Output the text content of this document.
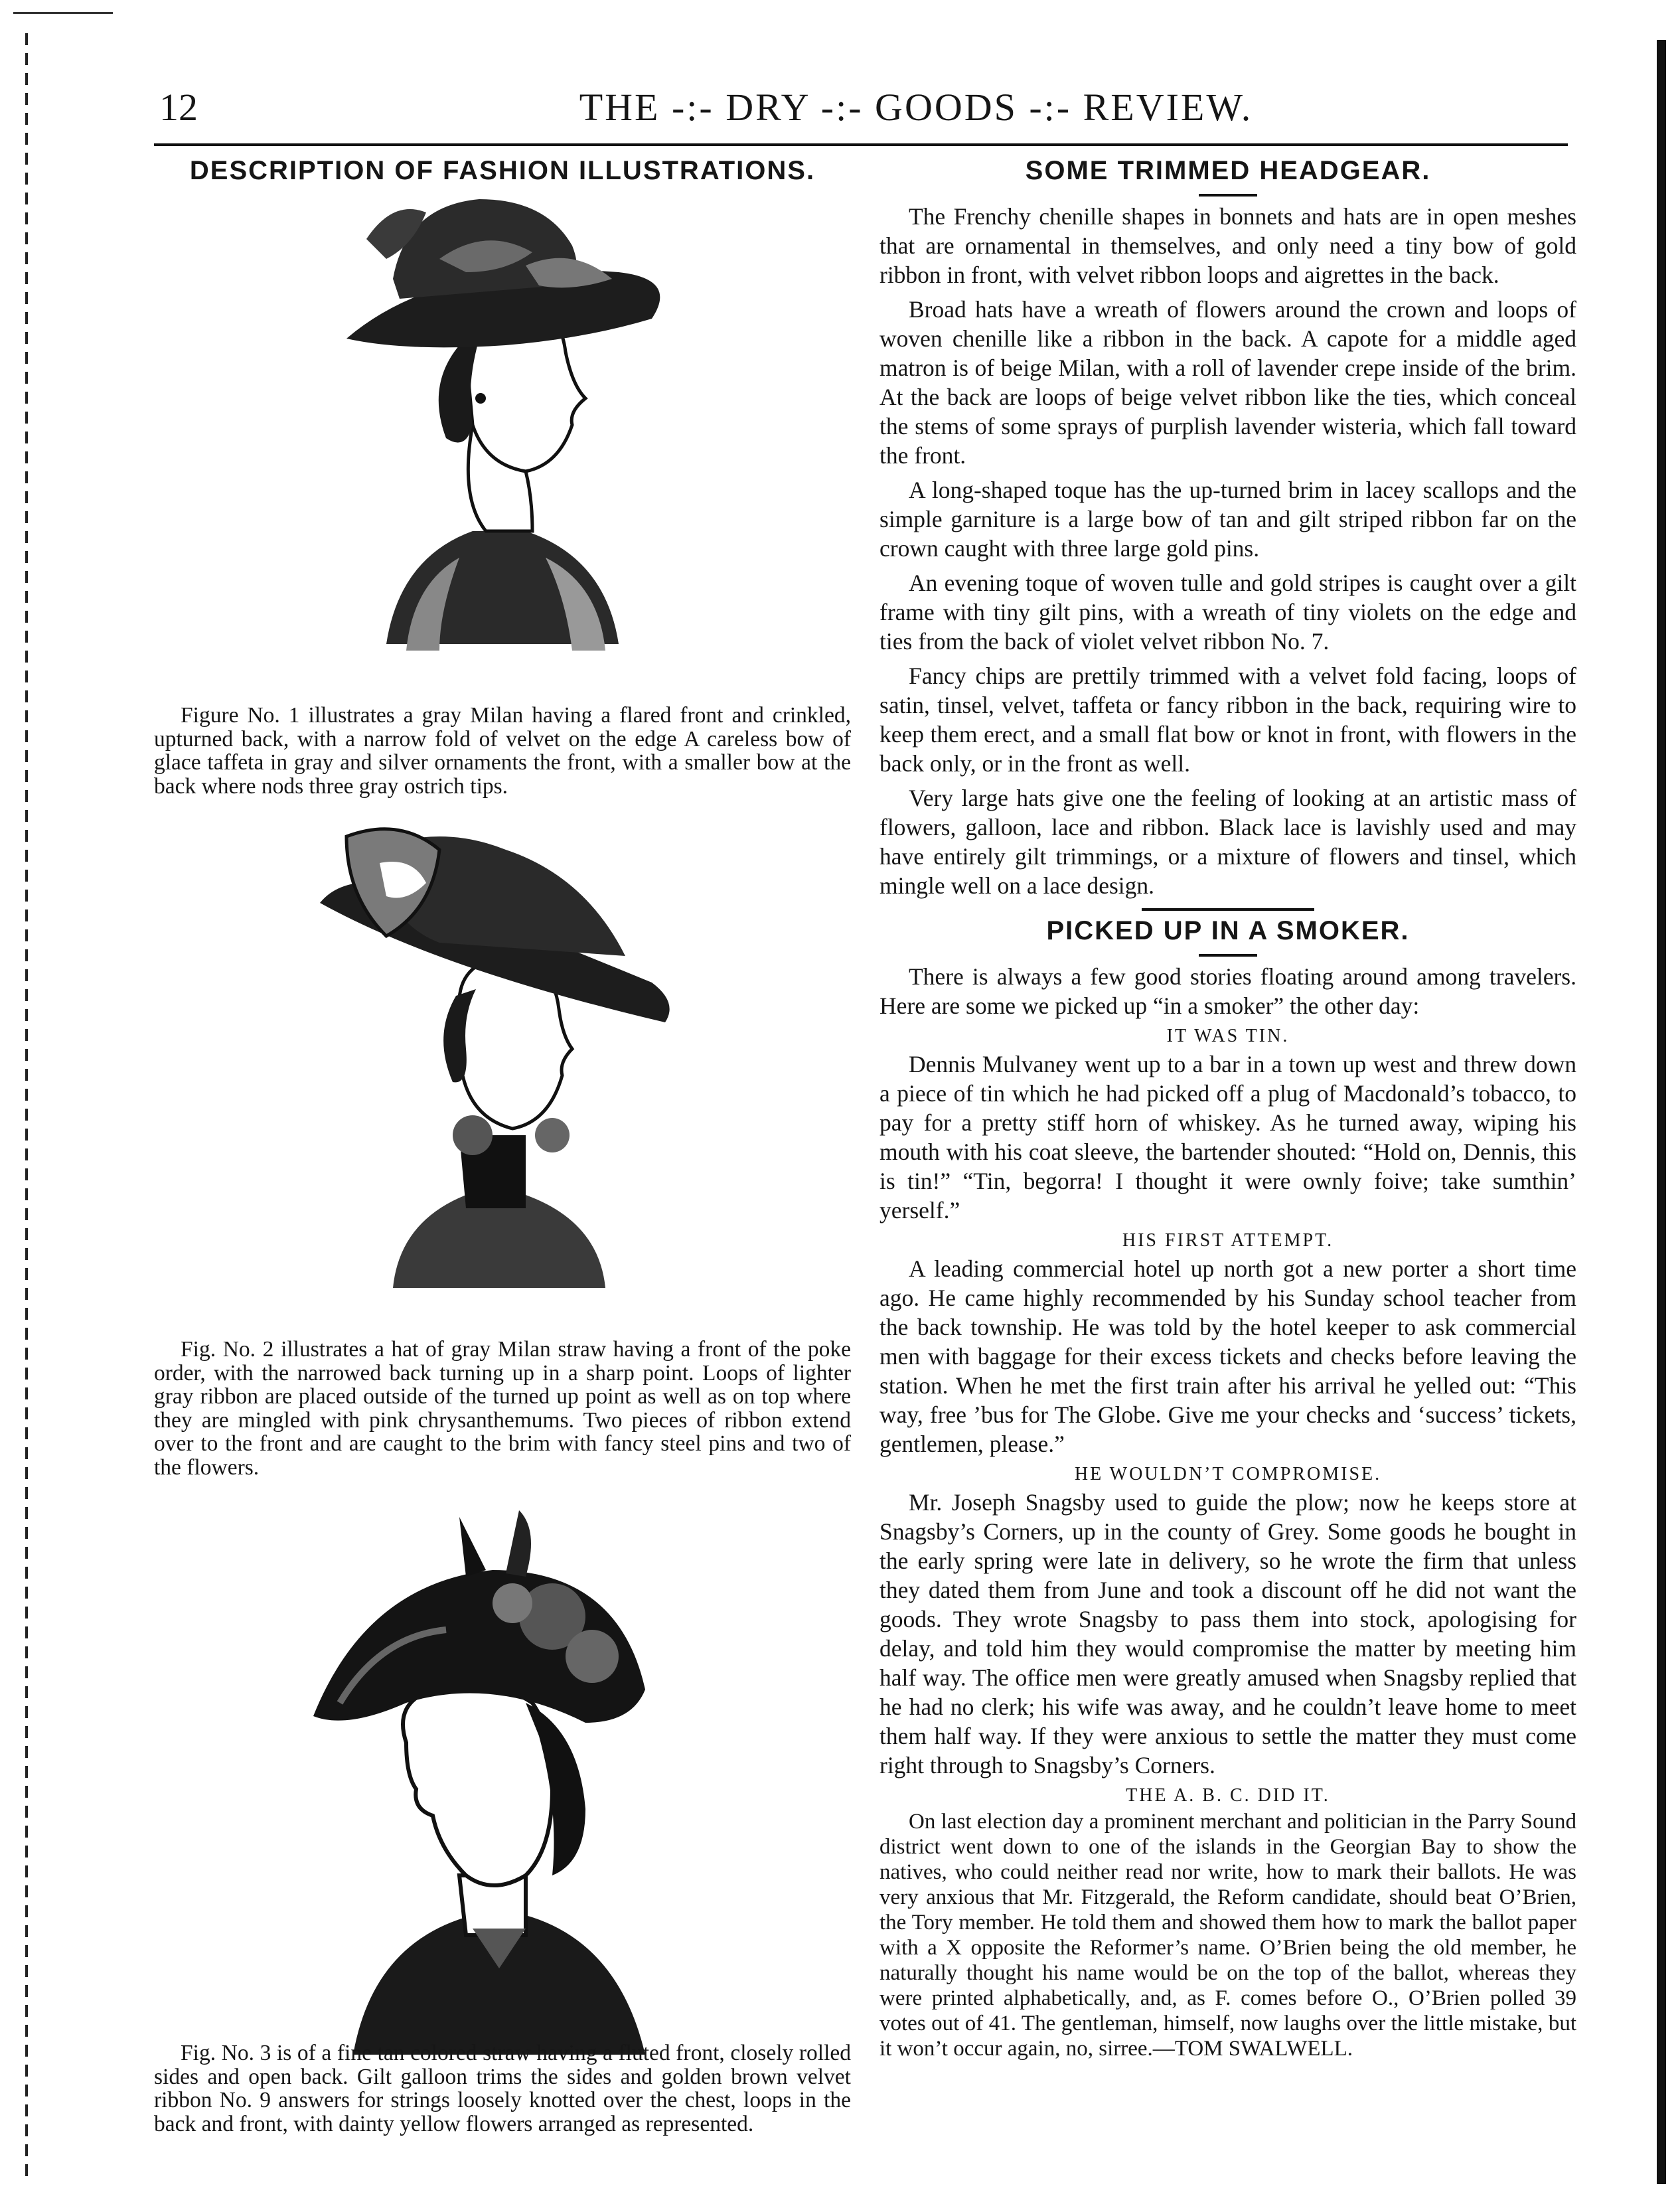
12	THE -:- DRY -:- GOODS -:- REVIEW.
DESCRIPTION OF FASHION ILLUSTRATIONS.

Figure No. 1 illustrates a gray Milan having a flared front and crinkled, upturned back, with a narrow fold of velvet on the edge A careless bow of glace taffeta in gray and silver ornaments the front, with a smaller bow at the back where nods three gray ostrich tips.

Fig. No. 2 illustrates a hat of gray Milan straw having a front of the poke order, with the narrowed back turning up in a sharp point. Loops of lighter gray ribbon are placed outside of the turned up point as well as on top where they are mingled with pink chrysanthemums. Two pieces of ribbon extend over to the front and are caught to the brim with fancy steel pins and two of the flowers.

Fig. No. 3 is of a fine tan colored straw having a fluted front, closely rolled sides and open back. Gilt galloon trims the sides and golden brown velvet ribbon No. 9 answers for strings loosely knotted over the chest, loops in the back and front, with dainty yellow flowers arranged as represented.

SOME TRIMMED HEADGEAR.

The Frenchy chenille shapes in bonnets and hats are in open meshes that are ornamental in themselves, and only need a tiny bow of gold ribbon in front, with velvet ribbon loops and aigrettes in the back.

Broad hats have a wreath of flowers around the crown and loops of woven chenille like a ribbon in the back. A capote for a middle aged matron is of beige Milan, with a roll of lavender crepe inside of the brim. At the back are loops of beige velvet ribbon like the ties, which conceal the stems of some sprays of purplish lavender wisteria, which fall toward the front.

A long-shaped toque has the up-turned brim in lacey scallops and the simple garniture is a large bow of tan and gilt striped ribbon far on the crown caught with three large gold pins.

An evening toque of woven tulle and gold stripes is caught over a gilt frame with tiny gilt pins, with a wreath of tiny violets on the edge and ties from the back of violet velvet ribbon No. 7.

Fancy chips are prettily trimmed with a velvet fold facing, loops of satin, tinsel, velvet, taffeta or fancy ribbon in the back, requiring wire to keep them erect, and a small flat bow or knot in front, with flowers in the back only, or in the front as well.

Very large hats give one the feeling of looking at an artistic mass of flowers, galloon, lace and ribbon. Black lace is lavishly used and may have entirely gilt trimmings, or a mixture of flowers and tinsel, which mingle well on a lace design.

PICKED UP IN A SMOKER.

There is always a few good stories floating around among travelers. Here are some we picked up “in a smoker” the other day:

IT WAS TIN.

Dennis Mulvaney went up to a bar in a town up west and threw down a piece of tin which he had picked off a plug of Macdonald’s tobacco, to pay for a pretty stiff horn of whiskey. As he turned away, wiping his mouth with his coat sleeve, the bartender shouted: “Hold on, Dennis, this is tin!” “Tin, begorra! I thought it were ownly foive; take sumthin’ yerself.”

HIS FIRST ATTEMPT.

A leading commercial hotel up north got a new porter a short time ago. He came highly recommended by his Sunday school teacher from the back township. He was told by the hotel keeper to ask commercial men with baggage for their excess tickets and checks before leaving the station. When he met the first train after his arrival he yelled out: “This way, free ’bus for The Globe. Give me your checks and ‘success’ tickets, gentlemen, please.”

HE WOULDN’T COMPROMISE.

Mr. Joseph Snagsby used to guide the plow; now he keeps store at Snagsby’s Corners, up in the county of Grey. Some goods he bought in the early spring were late in delivery, so he wrote the firm that unless they dated them from June and took a discount off he did not want the goods. They wrote Snagsby to pass them into stock, apologising for delay, and told him they would compromise the matter by meeting him half way. The office men were greatly amused when Snagsby replied that he had no clerk; his wife was away, and he couldn’t leave home to meet them half way. If they were anxious to settle the matter they must come right through to Snagsby’s Corners.

THE A. B. C. DID IT.

On last election day a prominent merchant and politician in the Parry Sound district went down to one of the islands in the Georgian Bay to show the natives, who could neither read nor write, how to mark their ballots. He was very anxious that Mr. Fitzgerald, the Reform candidate, should beat O’Brien, the Tory member. He told them and showed them how to mark the ballot paper with a X opposite the Reformer’s name. O’Brien being the old member, he naturally thought his name would be on the top of the ballot, whereas they were printed alphabetically, and, as F. comes before O., O’Brien polled 39 votes out of 41. The gentleman, himself, now laughs over the little mistake, but it won’t occur again, no, sirree.—TOM SWALWELL.
